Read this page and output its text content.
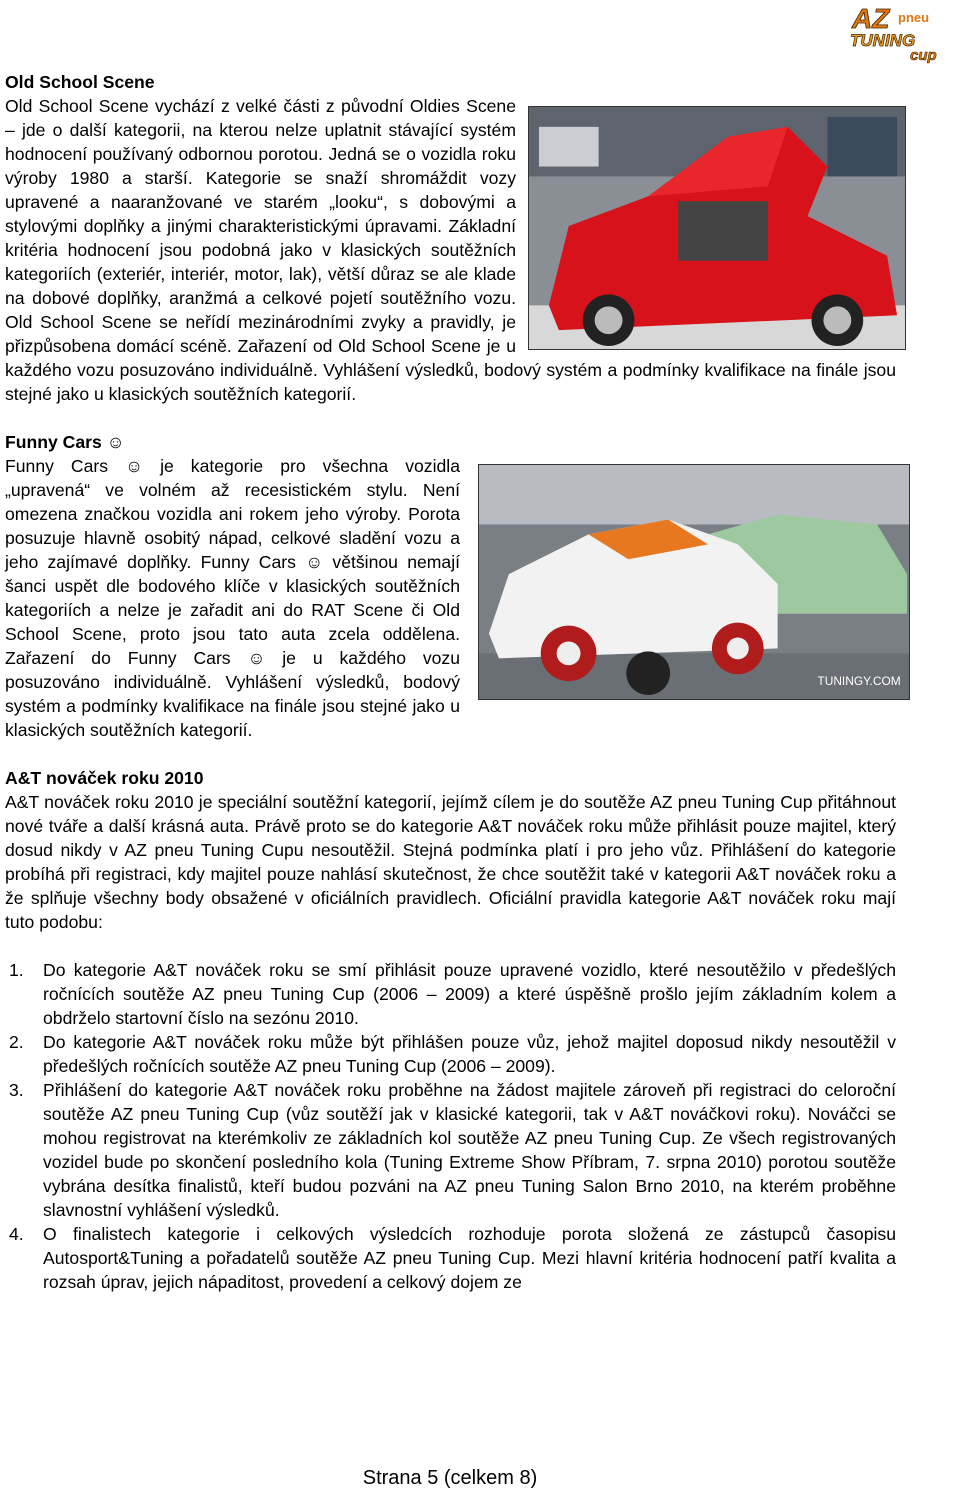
AZ pneu
TUNING
cup
Old School Scene

Old School Scene vychází z velké části z původní Oldies Scene – jde o další kategorii, na kterou nelze uplatnit stávající systém hodnocení používaný odbornou porotou. Jedná se o vozidla roku výroby 1980 a starší. Kategorie se snaží shromáždit vozy upravené a naaranžované ve starém „looku“, s dobovými a stylovými doplňky a jinými charakteristickými úpravami. Základní kritéria hodnocení jsou podobná jako v klasických soutěžních kategoriích (exteriér, interiér, motor, lak), větší důraz se ale klade na dobové doplňky, aranžmá a celkové pojetí soutěžního vozu. Old School Scene se neřídí mezinárodními zvyky a pravidly, je přizpůsobena domácí scéně. Zařazení od Old School Scene je u každého vozu posuzováno individuálně. Vyhlášení výsledků, bodový systém a podmínky kvalifikace na finále jsou stejné jako u klasických soutěžních kategorií.

Funny Cars ☺
TUNINGY.COM

Funny Cars ☺ je kategorie pro všechna vozidla „upravená“ ve volném až recesistickém stylu. Není omezena značkou vozidla ani rokem jeho výroby. Porota posuzuje hlavně osobitý nápad, celkové sladění vozu a jeho zajímavé doplňky. Funny Cars ☺ většinou nemají šanci uspět dle bodového klíče v klasických soutěžních kategoriích a nelze je zařadit ani do RAT Scene či Old School Scene, proto jsou tato auta zcela oddělena. Zařazení do Funny Cars ☺ je u každého vozu posuzováno individuálně. Vyhlášení výsledků, bodový systém a podmínky kvalifikace na finále jsou stejné jako u klasických soutěžních kategorií.

A&T nováček roku 2010

A&T nováček roku 2010 je speciální soutěžní kategorií, jejímž cílem je do soutěže AZ pneu Tuning Cup přitáhnout nové tváře a další krásná auta. Právě proto se do kategorie A&T nováček roku může přihlásit pouze majitel, který dosud nikdy v AZ pneu Tuning Cupu nesoutěžil. Stejná podmínka platí i pro jeho vůz. Přihlášení do kategorie probíhá při registraci, kdy majitel pouze nahlásí skutečnost, že chce soutěžit také v kategorii A&T nováček roku a že splňuje všechny body obsažené v oficiálních pravidlech. Oficiální pravidla kategorie A&T nováček roku mají tuto podobu:

1. Do kategorie A&T nováček roku se smí přihlásit pouze upravené vozidlo, které nesoutěžilo v předešlých ročnících soutěže AZ pneu Tuning Cup (2006 – 2009) a které úspěšně prošlo jejím základním kolem a obdrželo startovní číslo na sezónu 2010.
2. Do kategorie A&T nováček roku může být přihlášen pouze vůz, jehož majitel doposud nikdy nesoutěžil v předešlých ročnících soutěže AZ pneu Tuning Cup (2006 – 2009).
3. Přihlášení do kategorie A&T nováček roku proběhne na žádost majitele zároveň při registraci do celoroční soutěže AZ pneu Tuning Cup (vůz soutěží jak v klasické kategorii, tak v A&T nováčkovi roku). Nováčci se mohou registrovat na kterémkoliv ze základních kol soutěže AZ pneu Tuning Cup. Ze všech registrovaných vozidel bude po skončení posledního kola (Tuning Extreme Show Příbram, 7. srpna 2010) porotou soutěže vybrána desítka finalistů, kteří budou pozváni na AZ pneu Tuning Salon Brno 2010, na kterém proběhne slavnostní vyhlášení výsledků.
4. O finalistech kategorie i celkových výsledcích rozhoduje porota složená ze zástupců časopisu Autosport&Tuning a pořadatelů soutěže AZ pneu Tuning Cup. Mezi hlavní kritéria hodnocení patří kvalita a rozsah úprav, jejich nápaditost, provedení a celkový dojem ze
Strana 5 (celkem 8)
